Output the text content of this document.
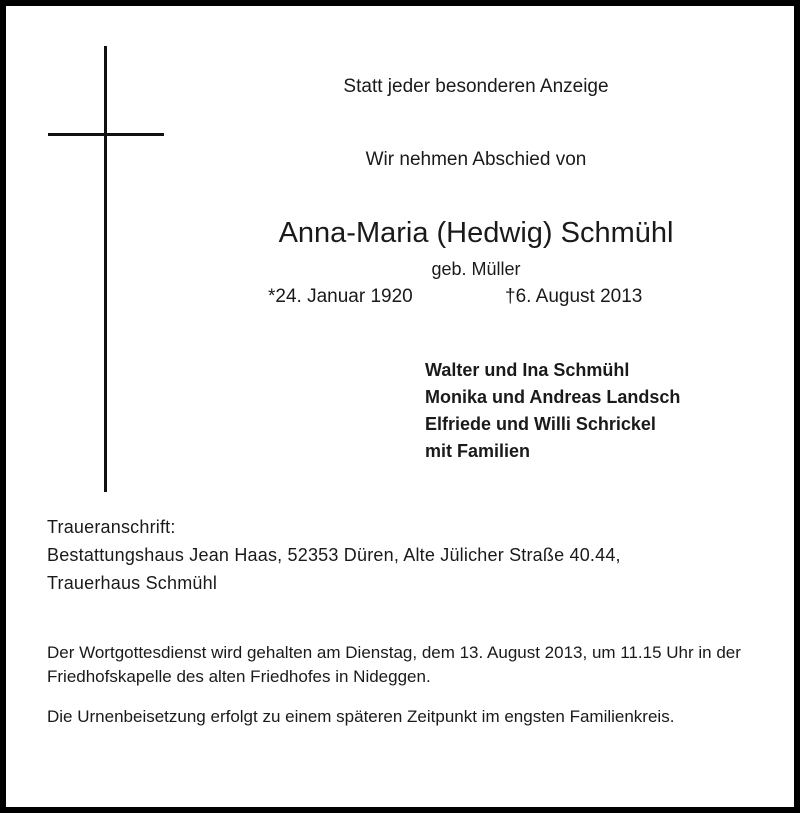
Statt jeder besonderen Anzeige
Wir nehmen Abschied von
Anna-Maria (Hedwig) Schmühl
geb. Müller
*24. Januar 1920	†6. August 2013
Walter und Ina Schmühl
Monika und Andreas Landsch
Elfriede und Willi Schrickel
mit Familien
Traueranschrift:
Bestattungshaus Jean Haas, 52353 Düren, Alte Jülicher Straße 40.44,
Trauerhaus Schmühl
Der Wortgottesdienst wird gehalten am Dienstag, dem 13. August 2013, um 11.15 Uhr in der Friedhofskapelle des alten Friedhofes in Nideggen.
Die Urnenbeisetzung erfolgt zu einem späteren Zeitpunkt im engsten Familienkreis.
